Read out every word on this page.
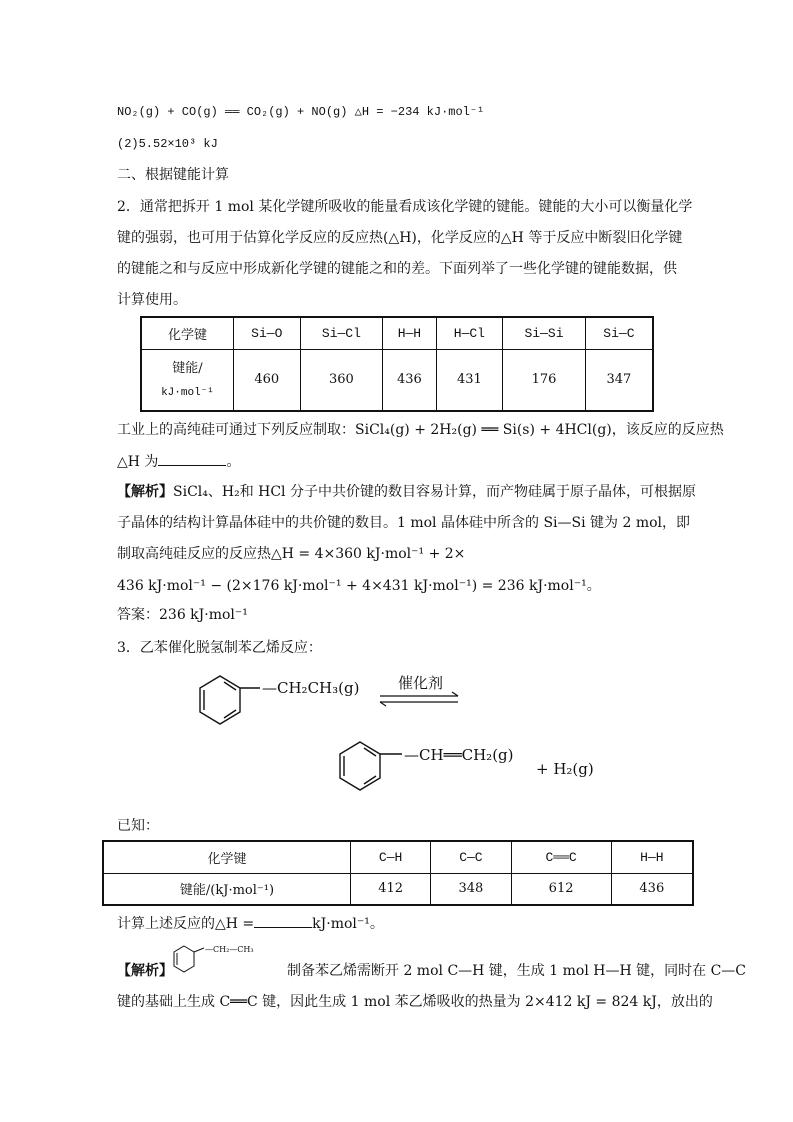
NO₂(g) + CO(g) ══ CO₂(g) + NO(g) △H = −234 kJ·mol⁻¹
(2)5.52×10³ kJ
二、根据键能计算
2．通常把拆开 1 mol 某化学键所吸收的能量看成该化学键的键能。键能的大小可以衡量化学
键的强弱，也可用于估算化学反应的反应热(△H)，化学反应的△H 等于反应中断裂旧化学键
的键能之和与反应中形成新化学键的键能之和的差。下面列举了一些化学键的键能数据，供
计算使用。
化学键	Si—O	Si—Cl	H—H	H—Cl	Si—Si	Si—C

键能/
kJ·mol⁻¹	460	360	436	431	176	347
工业上的高纯硅可通过下列反应制取：SiCl₄(g) + 2H₂(g) ══ Si(s) + 4HCl(g)，该反应的反应热
△H 为	。
【解析】SiCl₄、H₂和 HCl 分子中共价键的数目容易计算，而产物硅属于原子晶体，可根据原
子晶体的结构计算晶体硅中的共价键的数目。1 mol 晶体硅中所含的 Si—Si 键为 2 mol，即
制取高纯硅反应的反应热△H = 4×360 kJ·mol⁻¹ + 2×
436 kJ·mol⁻¹ − (2×176 kJ·mol⁻¹ + 4×431 kJ·mol⁻¹) = 236 kJ·mol⁻¹。
答案：236 kJ·mol⁻¹
3．乙苯催化脱氢制苯乙烯反应：
—CH₂CH₃(g)	催化剂
—CH══CH₂(g)
+ H₂(g)
已知：
化学键	C—H	C—C	C══C	H—H
键能/(kJ·mol⁻¹)	412	348	612	436
计算上述反应的△H =	kJ·mol⁻¹。
—CH₂—CH₃
【解析】	制备苯乙烯需断开 2 mol C—H 键，生成 1 mol H—H 键，同时在 C—C
键的基础上生成 C══C 键，因此生成 1 mol 苯乙烯吸收的热量为 2×412 kJ = 824 kJ，放出的
